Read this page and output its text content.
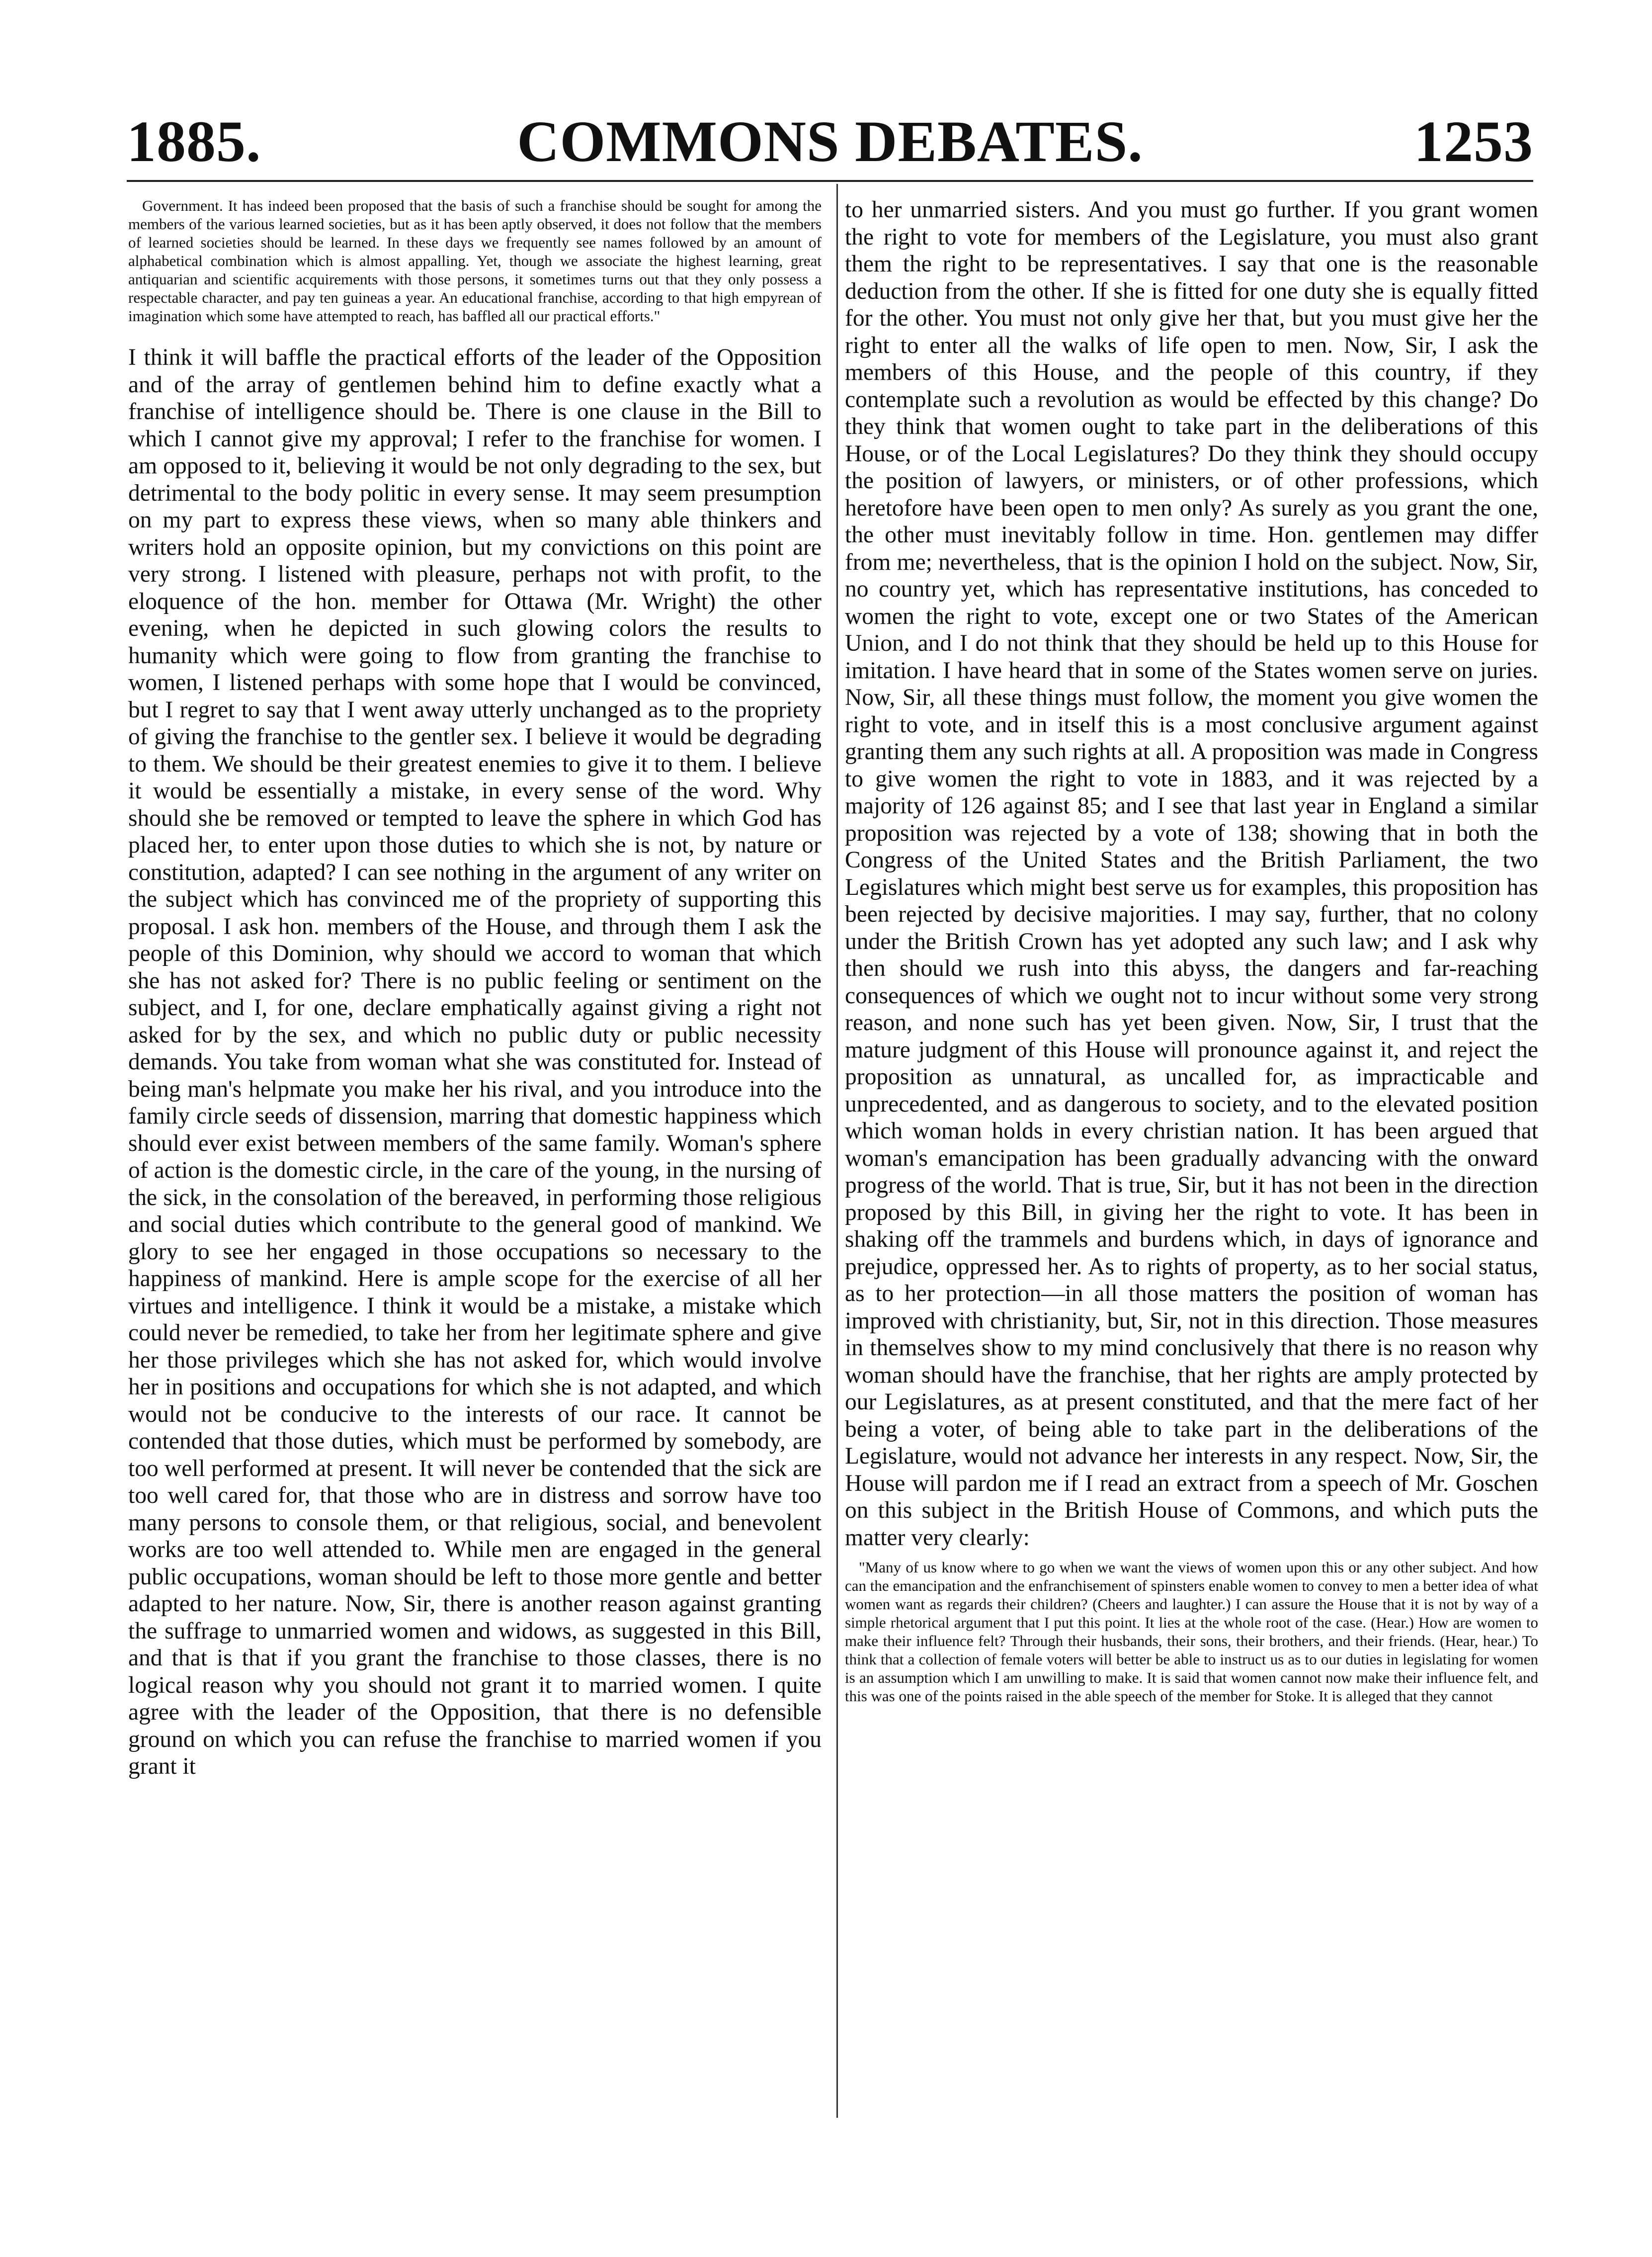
1885.	COMMONS DEBATES.	1253

Government. It has indeed been proposed that the basis of such a franchise should be sought for among the members of the various learned societies, but as it has been aptly observed, it does not follow that the members of learned societies should be learned. In these days we frequently see names followed by an amount of alphabetical combination which is almost appalling. Yet, though we associate the highest learning, great antiquarian and scientific acquirements with those persons, it sometimes turns out that they only possess a respectable character, and pay ten guineas a year. An educational franchise, according to that high empyrean of imagination which some have attempted to reach, has baffled all our practical efforts."

I think it will baffle the practical efforts of the leader of the Opposition and of the array of gentlemen behind him to define exactly what a franchise of intelligence should be. There is one clause in the Bill to which I cannot give my approval; I refer to the franchise for women. I am opposed to it, believing it would be not only degrading to the sex, but detrimental to the body politic in every sense. It may seem presumption on my part to express these views, when so many able thinkers and writers hold an opposite opinion, but my convictions on this point are very strong. I listened with pleasure, perhaps not with profit, to the eloquence of the hon. member for Ottawa (Mr. Wright) the other evening, when he depicted in such glowing colors the results to humanity which were going to flow from granting the franchise to women, I listened perhaps with some hope that I would be convinced, but I regret to say that I went away utterly unchanged as to the propriety of giving the franchise to the gentler sex. I believe it would be degrading to them. We should be their greatest enemies to give it to them. I believe it would be essentially a mistake, in every sense of the word. Why should she be removed or tempted to leave the sphere in which God has placed her, to enter upon those duties to which she is not, by nature or constitution, adapted? I can see nothing in the argument of any writer on the subject which has convinced me of the propriety of supporting this proposal. I ask hon. members of the House, and through them I ask the people of this Dominion, why should we accord to woman that which she has not asked for? There is no public feeling or sentiment on the subject, and I, for one, declare emphatically against giving a right not asked for by the sex, and which no public duty or public necessity demands. You take from woman what she was constituted for. Instead of being man's helpmate you make her his rival, and you introduce into the family circle seeds of dissension, marring that domestic happiness which should ever exist between members of the same family. Woman's sphere of action is the domestic circle, in the care of the young, in the nursing of the sick, in the consolation of the bereaved, in performing those religious and social duties which contribute to the general good of mankind. We glory to see her engaged in those occupations so necessary to the happiness of mankind. Here is ample scope for the exercise of all her virtues and intelligence. I think it would be a mistake, a mistake which could never be remedied, to take her from her legitimate sphere and give her those privileges which she has not asked for, which would involve her in positions and occupations for which she is not adapted, and which would not be conducive to the interests of our race. It cannot be contended that those duties, which must be performed by somebody, are too well performed at present. It will never be contended that the sick are too well cared for, that those who are in distress and sorrow have too many persons to console them, or that religious, social, and benevolent works are too well attended to. While men are engaged in the general public occupations, woman should be left to those more gentle and better adapted to her nature. Now, Sir, there is another reason against granting the suffrage to unmarried women and widows, as suggested in this Bill, and that is that if you grant the franchise to those classes, there is no logical reason why you should not grant it to married women. I quite agree with the leader of the Opposition, that there is no defensible ground on which you can refuse the franchise to married women if you grant it

to her unmarried sisters. And you must go further. If you grant women the right to vote for members of the Legislature, you must also grant them the right to be representatives. I say that one is the reasonable deduction from the other. If she is fitted for one duty she is equally fitted for the other. You must not only give her that, but you must give her the right to enter all the walks of life open to men. Now, Sir, I ask the members of this House, and the people of this country, if they contemplate such a revolution as would be effected by this change? Do they think that women ought to take part in the deliberations of this House, or of the Local Legislatures? Do they think they should occupy the position of lawyers, or ministers, or of other professions, which heretofore have been open to men only? As surely as you grant the one, the other must inevitably follow in time. Hon. gentlemen may differ from me; nevertheless, that is the opinion I hold on the subject. Now, Sir, no country yet, which has representative institutions, has conceded to women the right to vote, except one or two States of the American Union, and I do not think that they should be held up to this House for imitation. I have heard that in some of the States women serve on juries. Now, Sir, all these things must follow, the moment you give women the right to vote, and in itself this is a most conclusive argument against granting them any such rights at all. A proposition was made in Congress to give women the right to vote in 1883, and it was rejected by a majority of 126 against 85; and I see that last year in England a similar proposition was rejected by a vote of 138; showing that in both the Congress of the United States and the British Parliament, the two Legislatures which might best serve us for examples, this proposition has been rejected by decisive majorities. I may say, further, that no colony under the British Crown has yet adopted any such law; and I ask why then should we rush into this abyss, the dangers and far-reaching consequences of which we ought not to incur without some very strong reason, and none such has yet been given. Now, Sir, I trust that the mature judgment of this House will pronounce against it, and reject the proposition as unnatural, as uncalled for, as impracticable and unprecedented, and as dangerous to society, and to the elevated position which woman holds in every christian nation. It has been argued that woman's emancipation has been gradually advancing with the onward progress of the world. That is true, Sir, but it has not been in the direction proposed by this Bill, in giving her the right to vote. It has been in shaking off the trammels and burdens which, in days of ignorance and prejudice, oppressed her. As to rights of property, as to her social status, as to her protection—in all those matters the position of woman has improved with christianity, but, Sir, not in this direction. Those measures in themselves show to my mind conclusively that there is no reason why woman should have the franchise, that her rights are amply protected by our Legislatures, as at present constituted, and that the mere fact of her being a voter, of being able to take part in the deliberations of the Legislature, would not advance her interests in any respect. Now, Sir, the House will pardon me if I read an extract from a speech of Mr. Goschen on this subject in the British House of Commons, and which puts the matter very clearly:

"Many of us know where to go when we want the views of women upon this or any other subject. And how can the emancipation and the enfranchisement of spinsters enable women to convey to men a better idea of what women want as regards their children? (Cheers and laughter.) I can assure the House that it is not by way of a simple rhetorical argument that I put this point. It lies at the whole root of the case. (Hear.) How are women to make their influence felt? Through their husbands, their sons, their brothers, and their friends. (Hear, hear.) To think that a collection of female voters will better be able to instruct us as to our duties in legislating for women is an assumption which I am unwilling to make. It is said that women cannot now make their influence felt, and this was one of the points raised in the able speech of the member for Stoke. It is alleged that they cannot
